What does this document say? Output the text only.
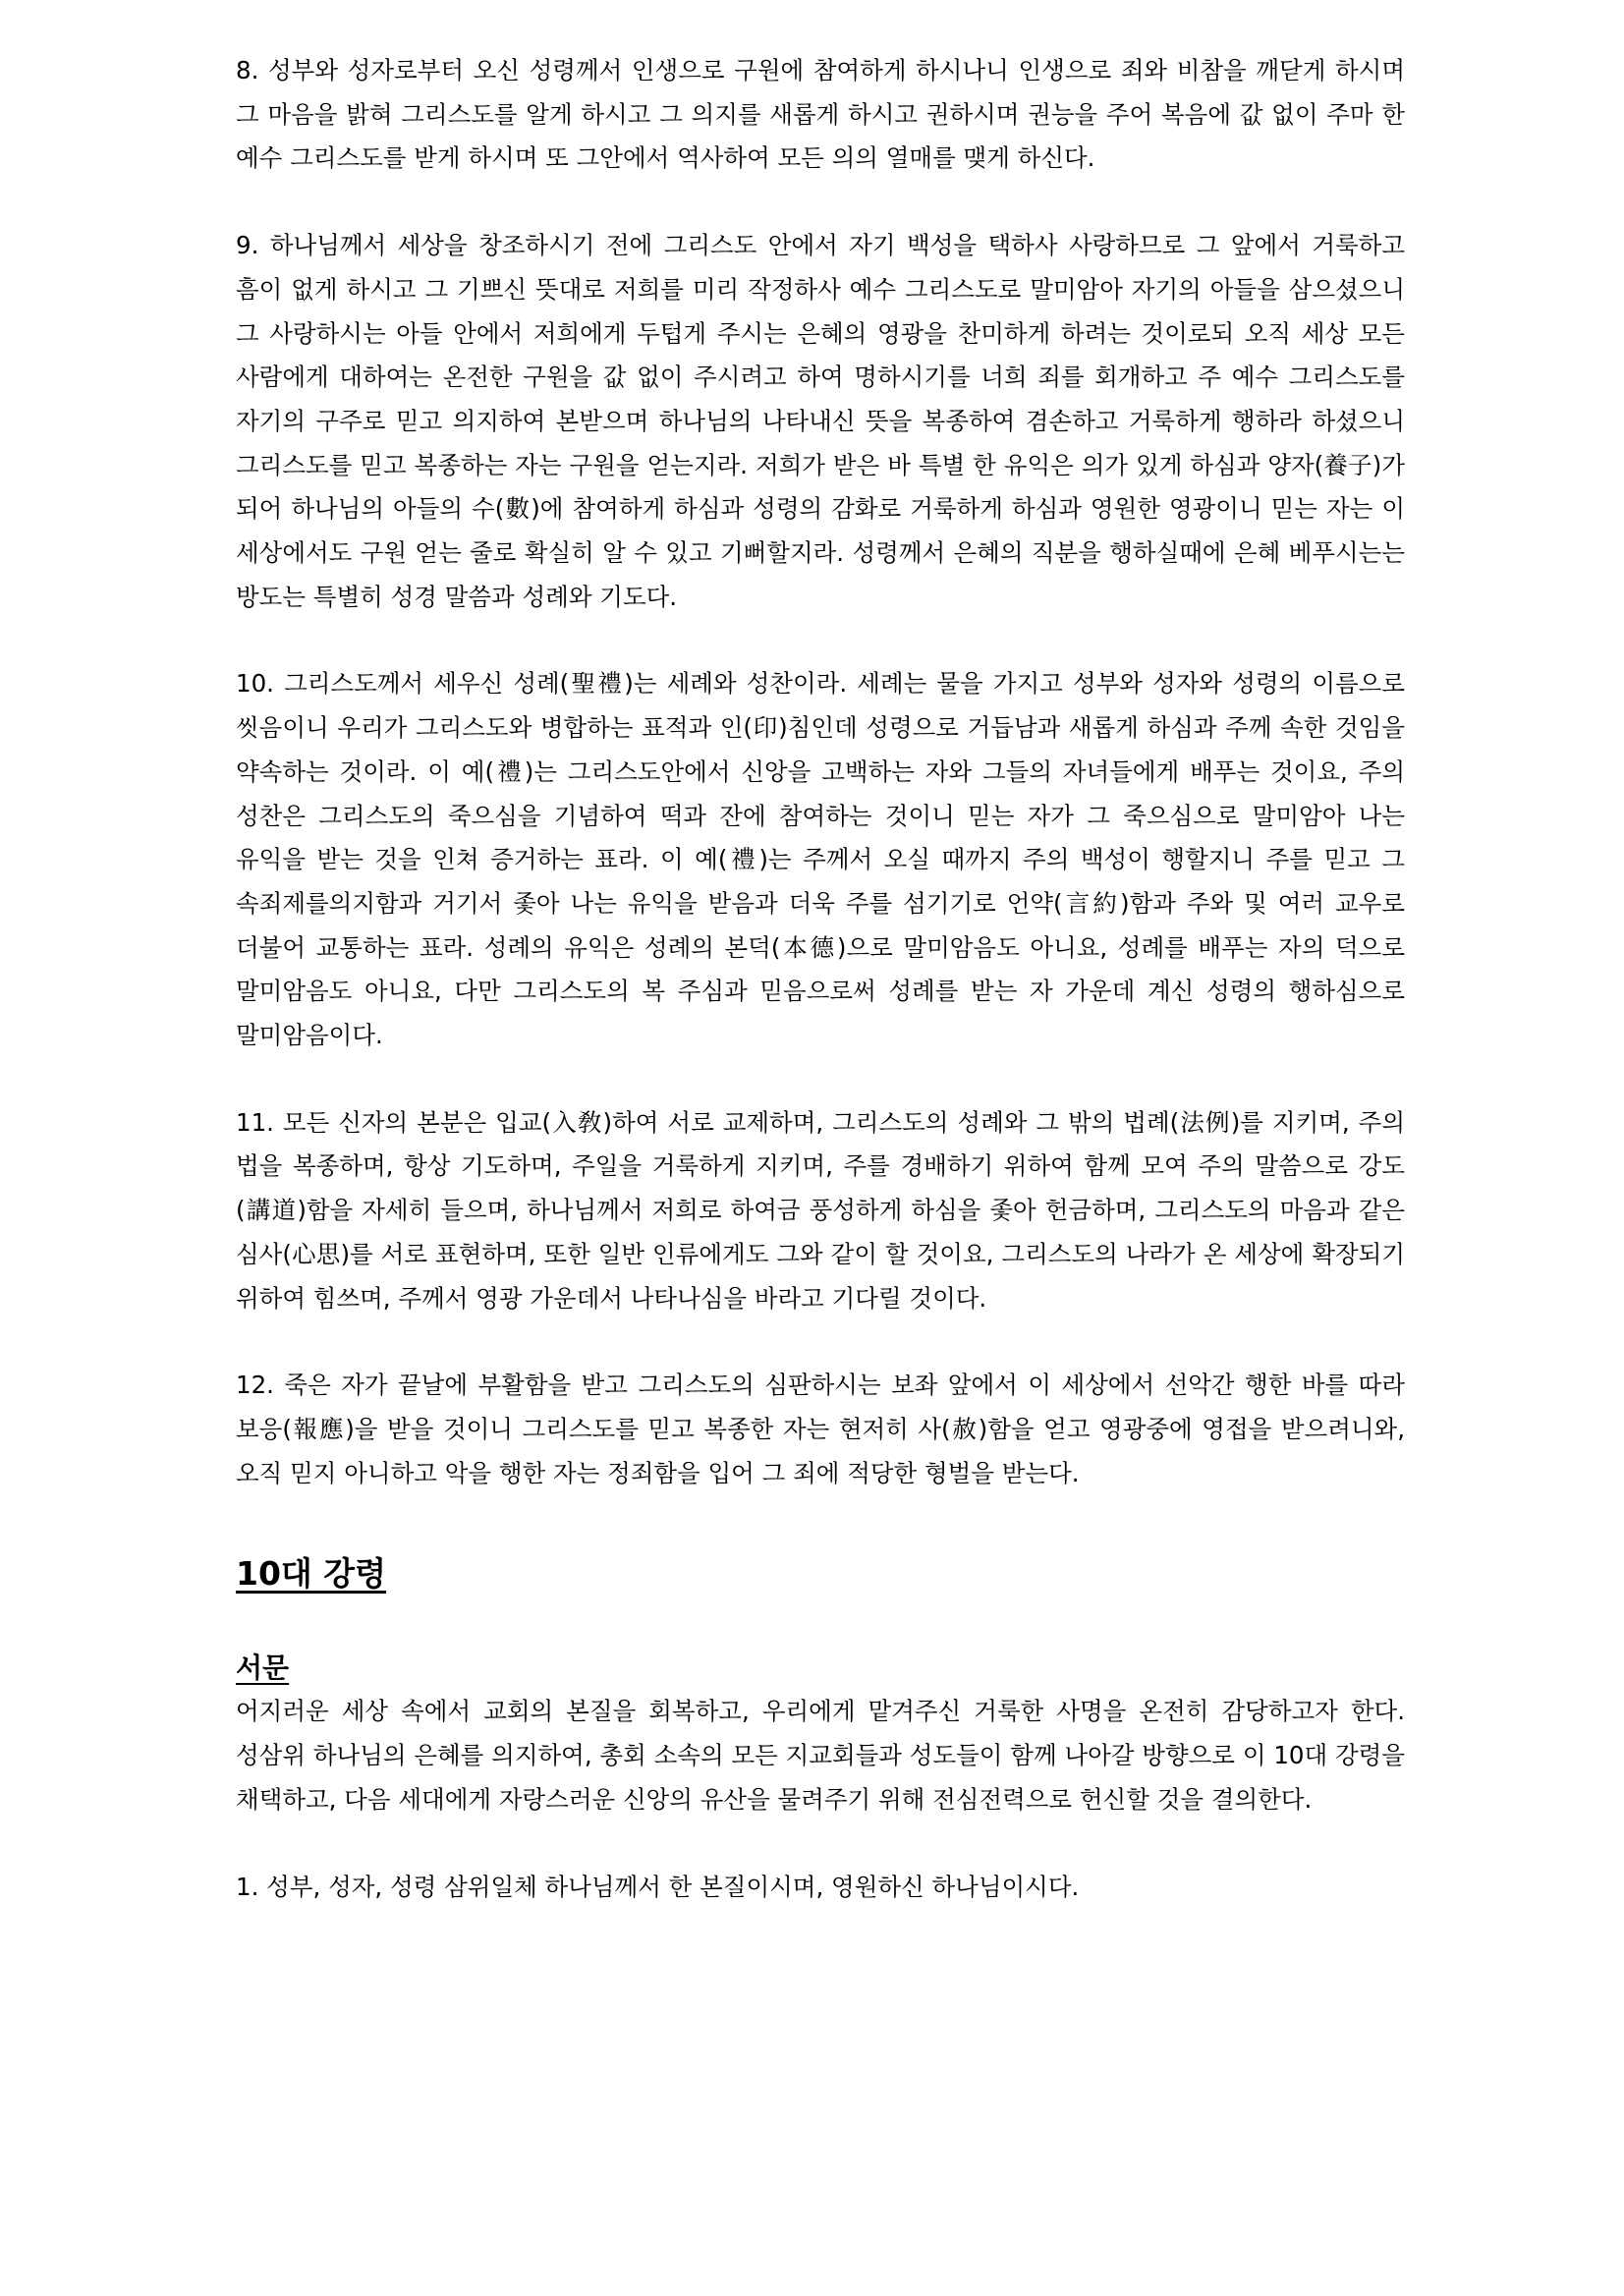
8. 성부와 성자로부터 오신 성령께서 인생으로 구원에 참여하게 하시나니 인생으로 죄와 비참을 깨닫게 하시며 그 마음을 밝혀 그리스도를 알게 하시고 그 의지를 새롭게 하시고 권하시며 권능을 주어 복음에 값 없이 주마 한 예수 그리스도를 받게 하시며 또 그안에서 역사하여 모든 의의 열매를 맺게 하신다.

9. 하나님께서 세상을 창조하시기 전에 그리스도 안에서 자기 백성을 택하사 사랑하므로 그 앞에서 거룩하고 흠이 없게 하시고 그 기쁘신 뜻대로 저희를 미리 작정하사 예수 그리스도로 말미암아 자기의 아들을 삼으셨으니 그 사랑하시는 아들 안에서 저희에게 두텁게 주시는 은혜의 영광을 찬미하게 하려는 것이로되 오직 세상 모든 사람에게 대하여는 온전한 구원을 값 없이 주시려고 하여 명하시기를 너희 죄를 회개하고 주 예수 그리스도를 자기의 구주로 믿고 의지하여 본받으며 하나님의 나타내신 뜻을 복종하여 겸손하고 거룩하게 행하라 하셨으니 그리스도를 믿고 복종하는 자는 구원을 얻는지라. 저희가 받은 바 특별 한 유익은 의가 있게 하심과 양자(養子)가 되어 하나님의 아들의 수(數)에 참여하게 하심과 성령의 감화로 거룩하게 하심과 영원한 영광이니 믿는 자는 이 세상에서도 구원 얻는 줄로 확실히 알 수 있고 기뻐할지라. 성령께서 은혜의 직분을 행하실때에 은혜 베푸시는는 방도는 특별히 성경 말씀과 성례와 기도다.

10. 그리스도께서 세우신 성례(聖禮)는 세례와 성찬이라. 세례는 물을 가지고 성부와 성자와 성령의 이름으로 씻음이니 우리가 그리스도와 병합하는 표적과 인(印)침인데 성령으로 거듭남과 새롭게 하심과 주께 속한 것임을 약속하는 것이라. 이 예(禮)는 그리스도안에서 신앙을 고백하는 자와 그들의 자녀들에게 배푸는 것이요, 주의 성찬은 그리스도의 죽으심을 기념하여 떡과 잔에 참여하는 것이니 믿는 자가 그 죽으심으로 말미암아 나는 유익을 받는 것을 인쳐 증거하는 표라. 이 예(禮)는 주께서 오실 때까지 주의 백성이 행할지니 주를 믿고 그 속죄제를의지함과 거기서 좇아 나는 유익을 받음과 더욱 주를 섬기기로 언약(言約)함과 주와 및 여러 교우로 더불어 교통하는 표라. 성례의 유익은 성례의 본덕(本德)으로 말미암음도 아니요, 성례를 배푸는 자의 덕으로 말미암음도 아니요, 다만 그리스도의 복 주심과 믿음으로써 성례를 받는 자 가운데 계신 성령의 행하심으로 말미암음이다.

11. 모든 신자의 본분은 입교(入敎)하여 서로 교제하며, 그리스도의 성례와 그 밖의 법례(法例)를 지키며, 주의 법을 복종하며, 항상 기도하며, 주일을 거룩하게 지키며, 주를 경배하기 위하여 함께 모여 주의 말씀으로 강도(講道)함을 자세히 들으며, 하나님께서 저희로 하여금 풍성하게 하심을 좇아 헌금하며, 그리스도의 마음과 같은 심사(心思)를 서로 표현하며, 또한 일반 인류에게도 그와 같이 할 것이요, 그리스도의 나라가 온 세상에 확장되기 위하여 힘쓰며, 주께서 영광 가운데서 나타나심을 바라고 기다릴 것이다.

12. 죽은 자가 끝날에 부활함을 받고 그리스도의 심판하시는 보좌 앞에서 이 세상에서 선악간 행한 바를 따라 보응(報應)을 받을 것이니 그리스도를 믿고 복종한 자는 현저히 사(赦)함을 얻고 영광중에 영접을 받으려니와, 오직 믿지 아니하고 악을 행한 자는 정죄함을 입어 그 죄에 적당한 형벌을 받는다.

10대 강령
서문

어지러운 세상 속에서 교회의 본질을 회복하고, 우리에게 맡겨주신 거룩한 사명을 온전히 감당하고자 한다. 성삼위 하나님의 은혜를 의지하여, 총회 소속의 모든 지교회들과 성도들이 함께 나아갈 방향으로 이 10대 강령을 채택하고, 다음 세대에게 자랑스러운 신앙의 유산을 물려주기 위해 전심전력으로 헌신할 것을 결의한다.

1. 성부, 성자, 성령 삼위일체 하나님께서 한 본질이시며, 영원하신 하나님이시다.
